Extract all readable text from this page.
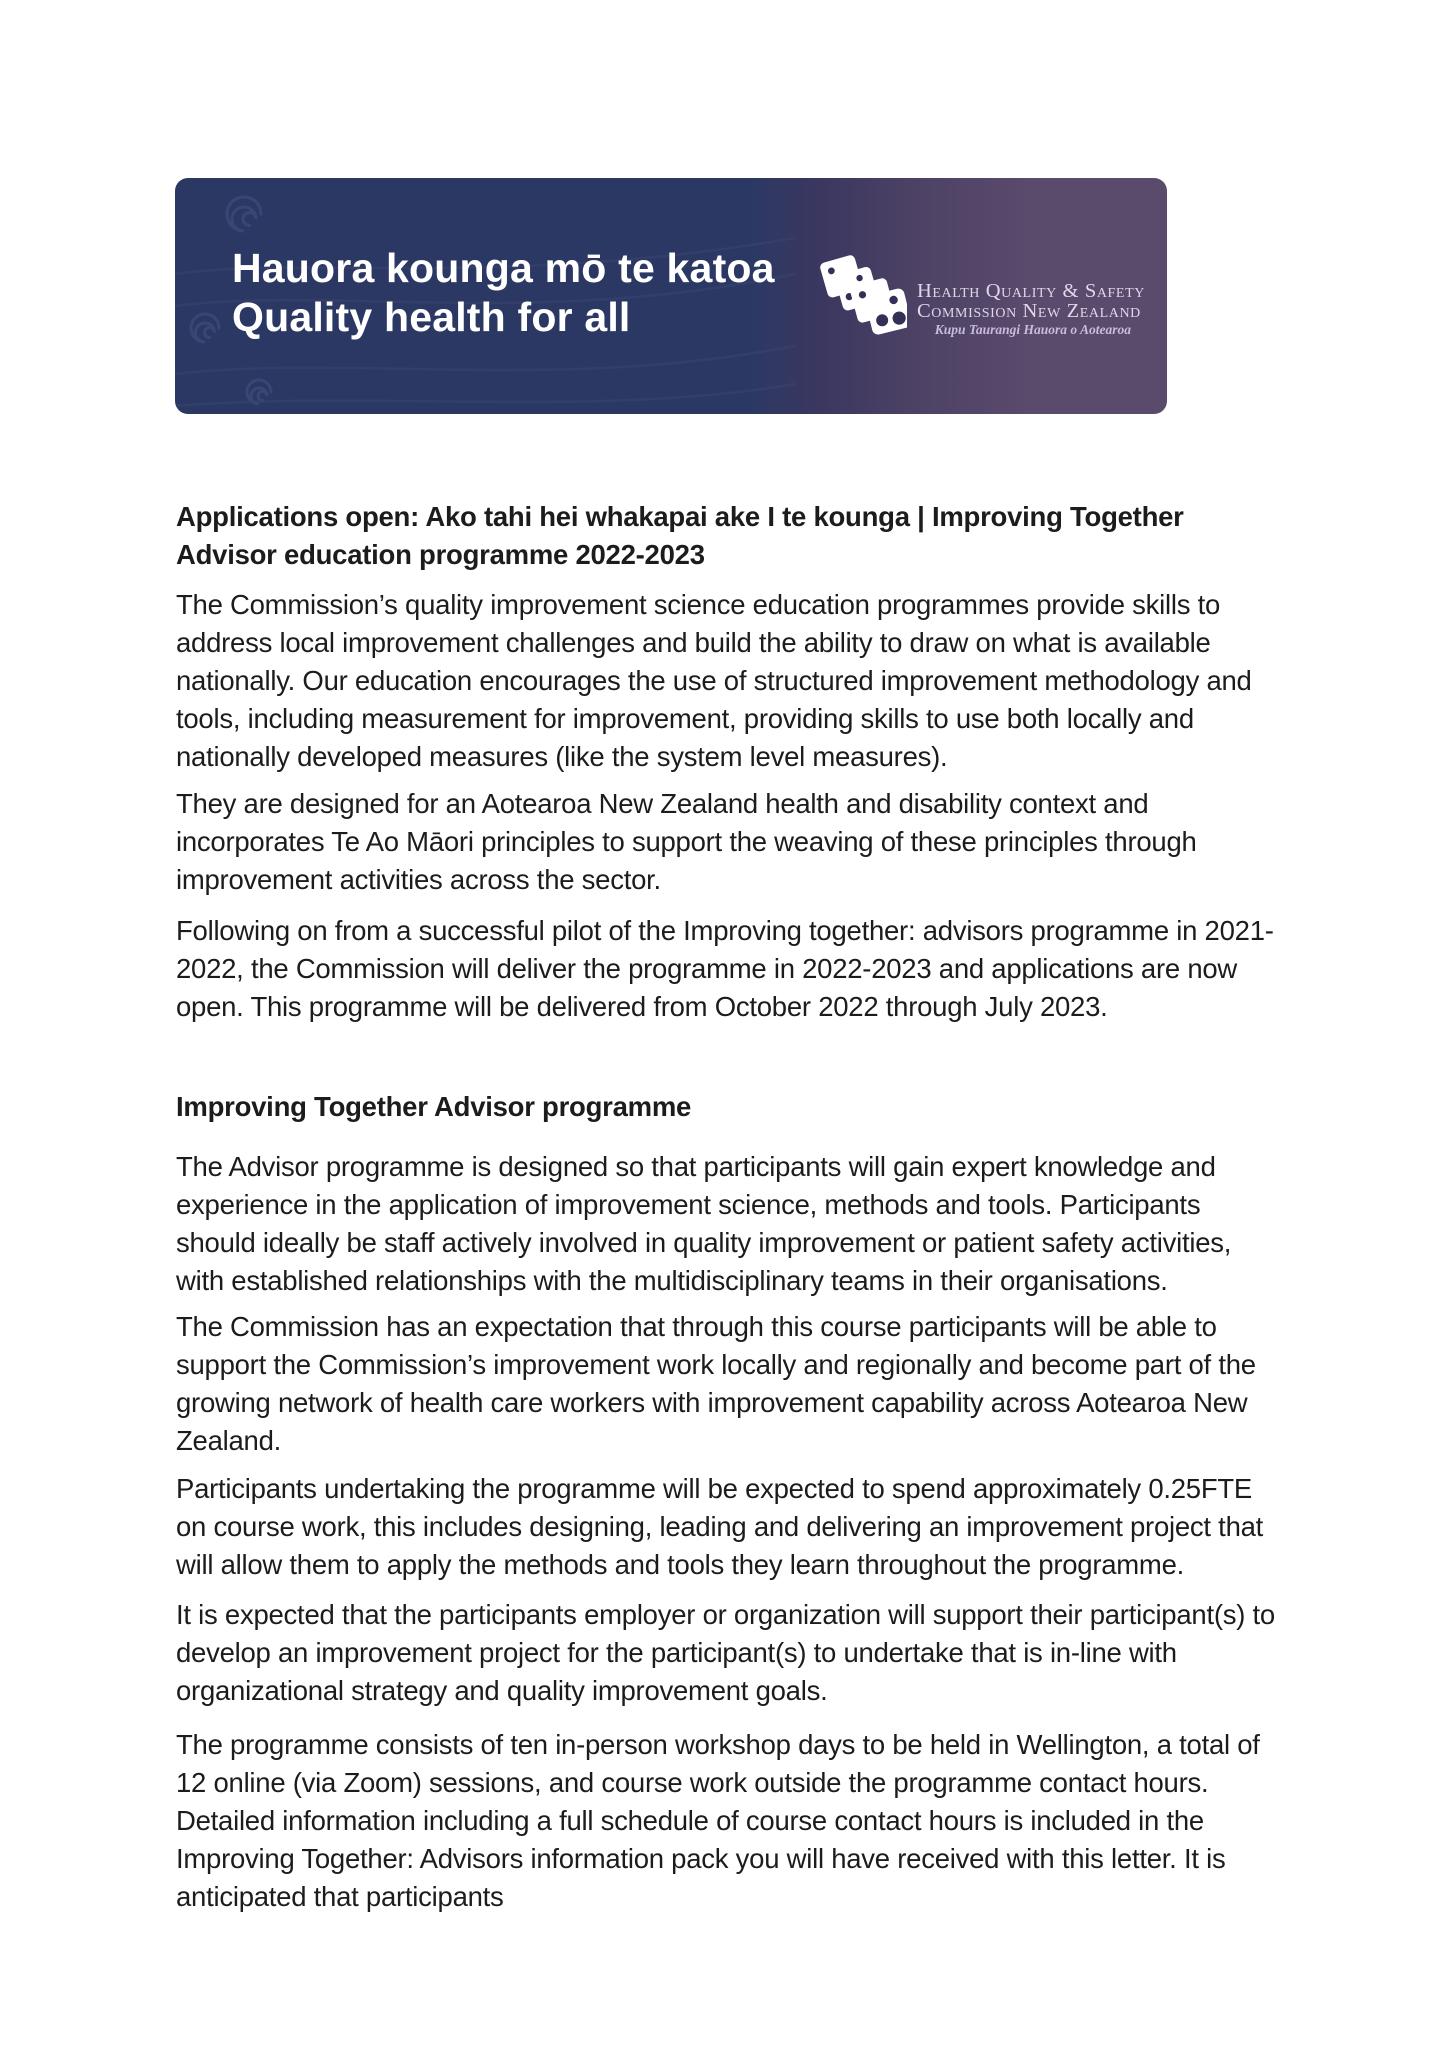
Hauora kounga mō te katoa
Quality health for all
Health Quality & Safety
Commission New Zealand
Kupu Taurangi Hauora o Aotearoa

Applications open: Ako tahi hei whakapai ake I te kounga | Improving Together Advisor education programme 2022-2023

The Commission’s quality improvement science education programmes provide skills to address local improvement challenges and build the ability to draw on what is available nationally. Our education encourages the use of structured improvement methodology and tools, including measurement for improvement, providing skills to use both locally and nationally developed measures (like the system level measures).

They are designed for an Aotearoa New Zealand health and disability context and incorporates Te Ao Māori principles to support the weaving of these principles through improvement activities across the sector.

Following on from a successful pilot of the Improving together: advisors programme in 2021-2022, the Commission will deliver the programme in 2022-2023 and applications are now open. This programme will be delivered from October 2022 through July 2023.

Improving Together Advisor programme

The Advisor programme is designed so that participants will gain expert knowledge and experience in the application of improvement science, methods and tools. Participants should ideally be staff actively involved in quality improvement or patient safety activities, with established relationships with the multidisciplinary teams in their organisations.

The Commission has an expectation that through this course participants will be able to support the Commission’s improvement work locally and regionally and become part of the growing network of health care workers with improvement capability across Aotearoa New Zealand.

Participants undertaking the programme will be expected to spend approximately 0.25FTE on course work, this includes designing, leading and delivering an improvement project that will allow them to apply the methods and tools they learn throughout the programme.

It is expected that the participants employer or organization will support their participant(s) to develop an improvement project for the participant(s) to undertake that is in-line with organizational strategy and quality improvement goals.

The programme consists of ten in-person workshop days to be held in Wellington, a total of 12 online (via Zoom) sessions, and course work outside the programme contact hours. Detailed information including a full schedule of course contact hours is included in the Improving Together: Advisors information pack you will have received with this letter. It is anticipated that participants
